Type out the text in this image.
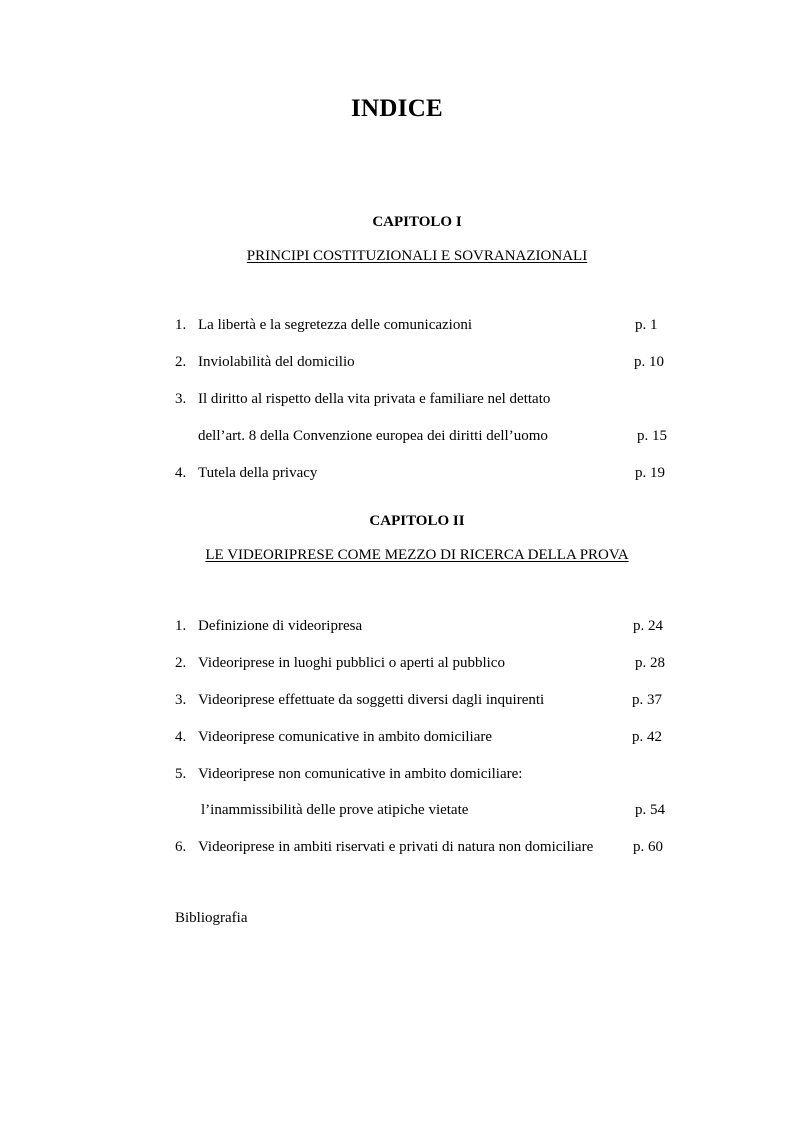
INDICE
CAPITOLO I
PRINCIPI COSTITUZIONALI E SOVRANAZIONALI
1. La libertà e la segretezza delle comunicazioni	p. 1
2. Inviolabilità del domicilio	p. 10
3. Il diritto al rispetto della vita privata e familiare nel dettato
dell’art. 8 della Convenzione europea dei diritti dell’uomo	p. 15
4. Tutela della privacy	p. 19
CAPITOLO II
LE VIDEORIPRESE COME MEZZO DI RICERCA DELLA PROVA
1. Definizione di videoripresa	p. 24
2. Videoriprese in luoghi pubblici o aperti al pubblico	p. 28
3. Videoriprese effettuate da soggetti diversi dagli inquirenti	p. 37
4. Videoriprese comunicative in ambito domiciliare	p. 42
5. Videoriprese non comunicative in ambito domiciliare:
l’inammissibilità delle prove atipiche vietate	p. 54
6. Videoriprese in ambiti riservati e privati di natura non domiciliare	p. 60
Bibliografia
